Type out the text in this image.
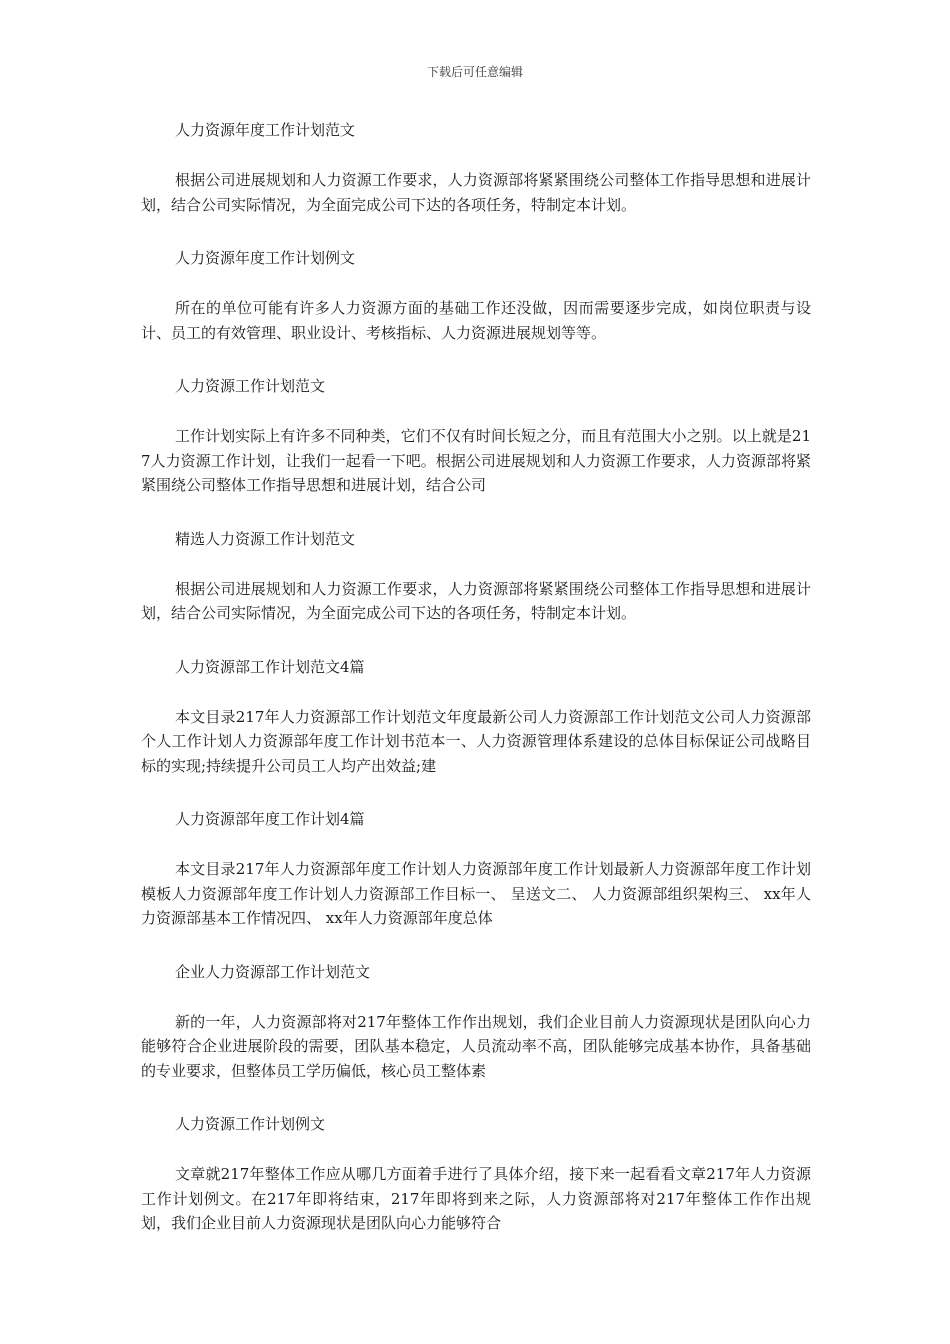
下载后可任意编辑

人力资源年度工作计划范文

根据公司进展规划和人力资源工作要求，人力资源部将紧紧围绕公司整体工作指导思想和进展计划，结合公司实际情况，为全面完成公司下达的各项任务，特制定本计划。

人力资源年度工作计划例文

所在的单位可能有许多人力资源方面的基础工作还没做，因而需要逐步完成，如岗位职责与设计、员工的有效管理、职业设计、考核指标、人力资源进展规划等等。

人力资源工作计划范文

工作计划实际上有许多不同种类，它们不仅有时间长短之分，而且有范围大小之别。以上就是217人力资源工作计划，让我们一起看一下吧。根据公司进展规划和人力资源工作要求，人力资源部将紧紧围绕公司整体工作指导思想和进展计划，结合公司

精选人力资源工作计划范文

根据公司进展规划和人力资源工作要求，人力资源部将紧紧围绕公司整体工作指导思想和进展计划，结合公司实际情况，为全面完成公司下达的各项任务，特制定本计划。

人力资源部工作计划范文4篇

本文目录217年人力资源部工作计划范文年度最新公司人力资源部工作计划范文公司人力资源部个人工作计划人力资源部年度工作计划书范本一、人力资源管理体系建设的总体目标保证公司战略目标的实现;持续提升公司员工人均产出效益;建

人力资源部年度工作计划4篇

本文目录217年人力资源部年度工作计划人力资源部年度工作计划最新人力资源部年度工作计划模板人力资源部年度工作计划人力资源部工作目标一、 呈送文二、 人力资源部组织架构三、 xx年人力资源部基本工作情况四、 xx年人力资源部年度总体

企业人力资源部工作计划范文

新的一年，人力资源部将对217年整体工作作出规划，我们企业目前人力资源现状是团队向心力能够符合企业进展阶段的需要，团队基本稳定，人员流动率不高，团队能够完成基本协作，具备基础的专业要求，但整体员工学历偏低，核心员工整体素

人力资源工作计划例文

文章就217年整体工作应从哪几方面着手进行了具体介绍，接下来一起看看文章217年人力资源工作计划例文。在217年即将结束，217年即将到来之际，人力资源部将对217年整体工作作出规划，我们企业目前人力资源现状是团队向心力能够符合
